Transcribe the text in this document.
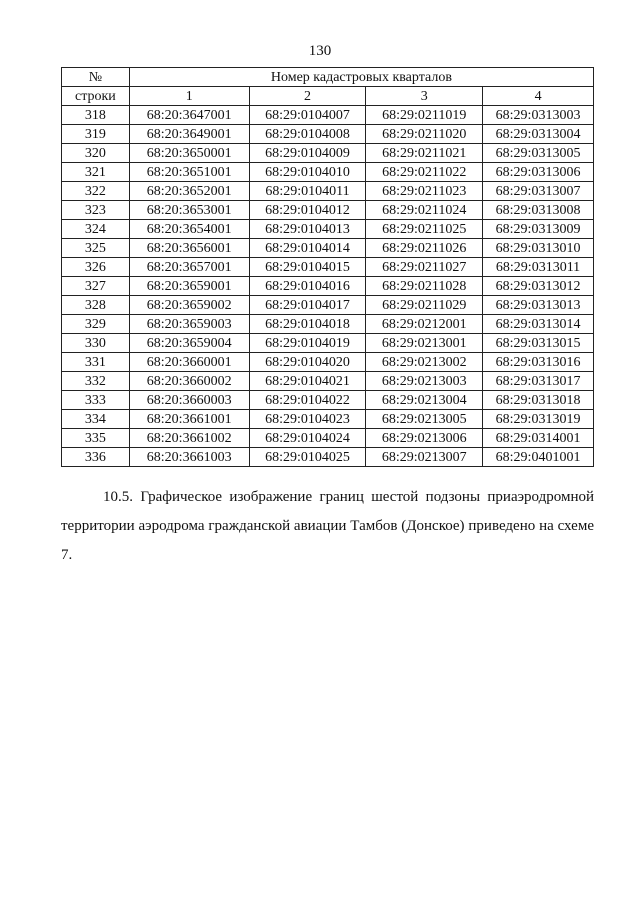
130
№	Номер кадастровых кварталов			
строки	1	2	3	4
318	68:20:3647001	68:29:0104007	68:29:0211019	68:29:0313003
319	68:20:3649001	68:29:0104008	68:29:0211020	68:29:0313004
320	68:20:3650001	68:29:0104009	68:29:0211021	68:29:0313005
321	68:20:3651001	68:29:0104010	68:29:0211022	68:29:0313006
322	68:20:3652001	68:29:0104011	68:29:0211023	68:29:0313007
323	68:20:3653001	68:29:0104012	68:29:0211024	68:29:0313008
324	68:20:3654001	68:29:0104013	68:29:0211025	68:29:0313009
325	68:20:3656001	68:29:0104014	68:29:0211026	68:29:0313010
326	68:20:3657001	68:29:0104015	68:29:0211027	68:29:0313011
327	68:20:3659001	68:29:0104016	68:29:0211028	68:29:0313012
328	68:20:3659002	68:29:0104017	68:29:0211029	68:29:0313013
329	68:20:3659003	68:29:0104018	68:29:0212001	68:29:0313014
330	68:20:3659004	68:29:0104019	68:29:0213001	68:29:0313015
331	68:20:3660001	68:29:0104020	68:29:0213002	68:29:0313016
332	68:20:3660002	68:29:0104021	68:29:0213003	68:29:0313017
333	68:20:3660003	68:29:0104022	68:29:0213004	68:29:0313018
334	68:20:3661001	68:29:0104023	68:29:0213005	68:29:0313019
335	68:20:3661002	68:29:0104024	68:29:0213006	68:29:0314001
336	68:20:3661003	68:29:0104025	68:29:0213007	68:29:0401001

10.5. Графическое изображение границ шестой подзоны приаэродромной территории аэродрома гражданской авиации Тамбов (Донское) приведено на схеме 7.
